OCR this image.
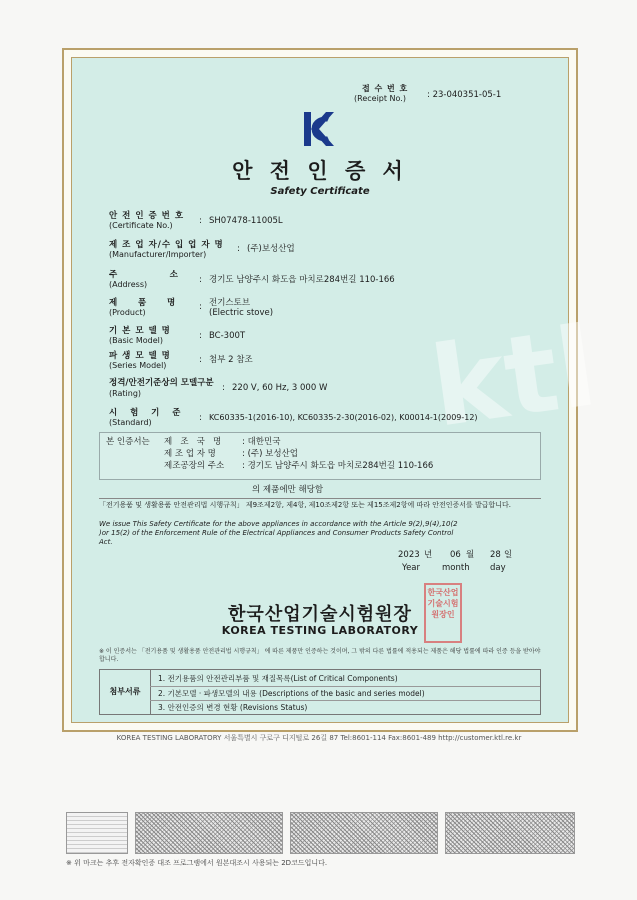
ktl
접 수 번 호
(Receipt No.) : 23-040351-05-1
안 전 인 증 서
Safety Certificate
안 전 인 증 번 호
(Certificate No.)	: SH07478-11005L
제 조 업 자/수 입 업 자 명
(Manufacturer/Importer)
: (주)보성산업
주             소
(Address)	: 경기도 남양주시 화도읍 마치로284번길 110-166
제     품     명
(Product)
: 전기스토브
(Electric stove)
기 본 모 델 명
(Basic Model)	: BC-300T
파 생 모 델 명
(Series Model)
: 첨부 2 참조
정격/안전기준상의 모델구분
(Rating)
: 220 V, 60 Hz, 3 000 W
시   험   기   준
(Standard)	: KC60335-1(2016-10), KC60335-2-30(2016-02), K00014-1(2009-12)
본 인증서는 제   조   국   명 : 대한민국
제 조 업 자 명	: (주) 보성산업
제조공장의 주소 : 경기도 남양주시 화도읍 마치로284번길 110-166
의 제품에만 해당함
「전기용품 및 생활용품 안전관리법 시행규칙」 제9조제2항, 제4항, 제10조제2항 또는 제15조제2항에 따라 안전인증서를 발급합니다.
We issue This Safety Certificate for the above appliances in accordance with the Article 9(2),9(4),10(2
)or 15(2) of the Enforcement Rule of the Electrical Appliances and Consumer Products Safety Control
Act.
2023 년 06 월 28 일
Year	month day
한국산업기술시험원장
KOREA TESTING LABORATORY
한국산업기술시험원장인
※ 이 인증서는 「전기용품 및 생활용품 안전관리법 시행규칙」 에 따른 제품만 인증하는 것이며, 그 밖의 다른 법률에 적용되는 제품은 해당 법률에 따라 인증 등을 받아야 합니다.
첨부서류
1. 전기용품의 안전관리부품 및 재질목록(List of Critical Components)
2. 기본모델 · 파생모델의 내용 (Descriptions of the basic and series model)
3. 안전인증의 변경 현황 (Revisions Status)
KOREA TESTING LABORATORY 서울특별시 구로구 디지털로 26길 87 Tel:8601-114 Fax:8601-489 http://customer.ktl.re.kr
※ 위 마크는 추후 전자확인증 대조 프로그램에서 원본대조시 사용되는 2D코드입니다.
